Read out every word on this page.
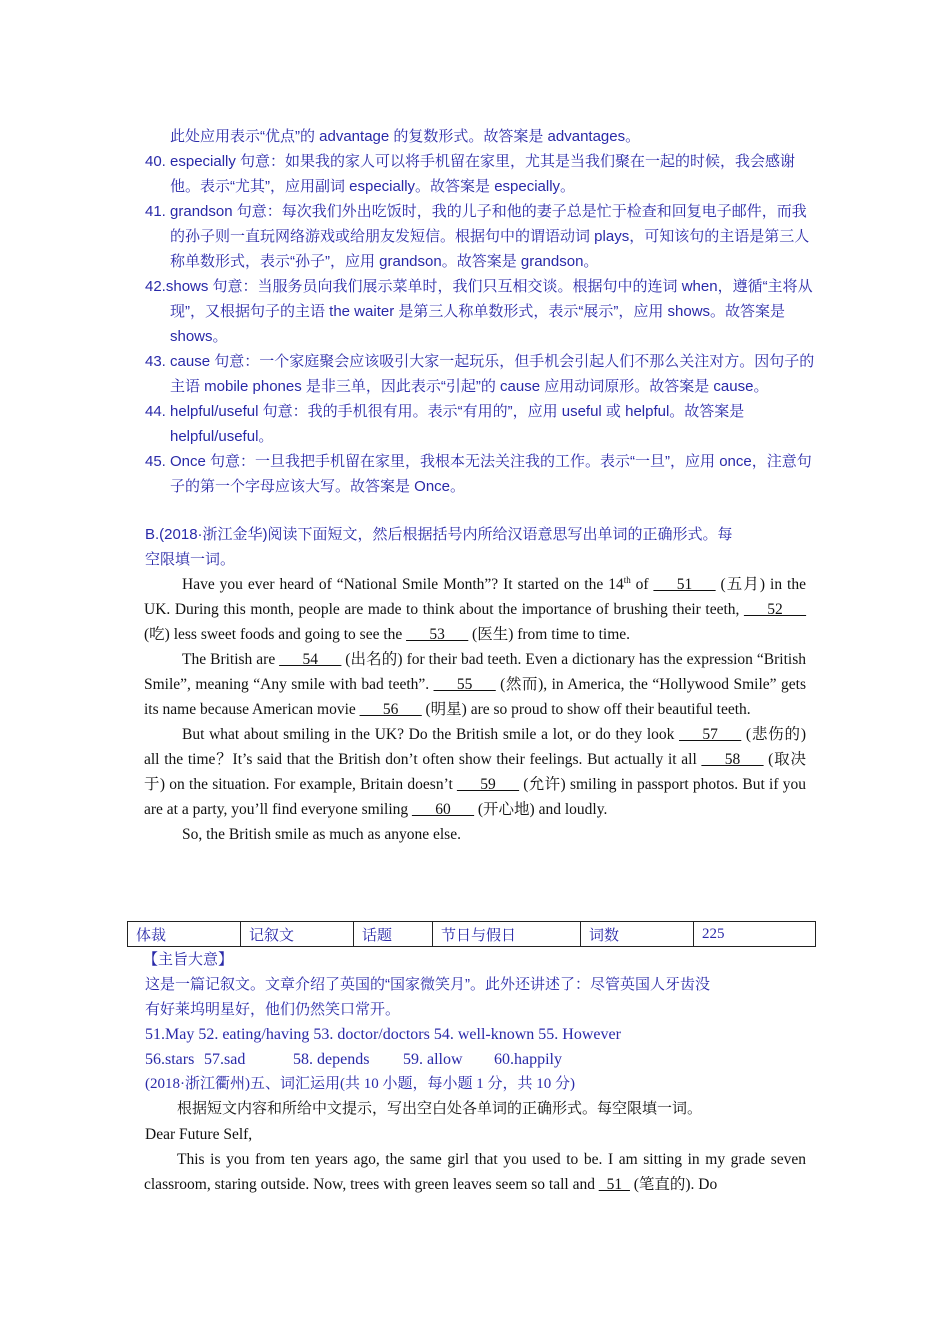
此处应用表示“优点”的 advantage 的复数形式。故答案是 advantages。

40. especially 句意：如果我的家人可以将手机留在家里，尤其是当我们聚在一起的时候，我会感谢他。表示“尤其”，应用副词 especially。故答案是 especially。

41. grandson 句意：每次我们外出吃饭时，我的儿子和他的妻子总是忙于检查和回复电子邮件，而我的孙子则一直玩网络游戏或给朋友发短信。根据句中的谓语动词 plays，可知该句的主语是第三人称单数形式，表示“孙子”，应用 grandson。故答案是 grandson。

42.shows 句意：当服务员向我们展示菜单时，我们只互相交谈。根据句中的连词 when，遵循“主将从现”，又根据句子的主语 the waiter 是第三人称单数形式，表示“展示”，应用 shows。故答案是 shows。

43. cause 句意：一个家庭聚会应该吸引大家一起玩乐，但手机会引起人们不那么关注对方。因句子的主语 mobile phones 是非三单，因此表示“引起”的 cause 应用动词原形。故答案是 cause。

44. helpful/useful 句意：我的手机很有用。表示“有用的”，应用 useful 或 helpful。故答案是 helpful/useful。

45. Once 句意：一旦我把手机留在家里，我根本无法关注我的工作。表示“一旦”，应用 once，注意句子的第一个字母应该大写。故答案是 Once。

B.(2018·浙江金华)阅读下面短文，然后根据括号内所给汉语意思写出单词的正确形式。每
空限填一词。

Have you ever heard of “National Smile Month”? It started on the 14th of ___51___ (五月) in the UK. During this month, people are made to think about the importance of brushing their teeth, ___52___ (吃) less sweet foods and going to see the ___53___ (医生) from time to time.

The British are ___54___ (出名的) for their bad teeth. Even a dictionary has the expression “British Smile”, meaning “Any smile with bad teeth”. ___55___ (然而), in America, the “Hollywood Smile” gets its name because American movie ___56___ (明星) are so proud to show off their beautiful teeth.

But what about smiling in the UK? Do the British smile a lot, or do they look ___57___ (悲伤的) all the time？It’s said that the British don’t often show their feelings. But actually it all ___58___ (取决于) on the situation. For example, Britain doesn’t ___59___ (允许) smiling in passport photos. But if you are at a party, you’ll find everyone smiling ___60___ (开心地) and loudly.

So, the British smile as much as anyone else.

体裁	记叙文	话题	节日与假日	词数	225
【主旨大意】
这是一篇记叙文。文章介绍了英国的“国家微笑月”。此外还讲述了：尽管英国人牙齿没
有好莱坞明星好，他们仍然笑口常开。
51.May 52. eating/having 53. doctor/doctors 54. well-known 55. However
56.stars 57.sad	58. depends 59. allow 60.happily
(2018·浙江衢州)五、词汇运用(共 10 小题，每小题 1 分，共 10 分)
根据短文内容和所给中文提示，写出空白处各单词的正确形式。每空限填一词。
Dear Future Self,

This is you from ten years ago, the same girl that you used to be. I am sitting in my grade seven classroom, staring outside. Now, trees with green leaves seem so tall and _51_ (笔直的). Do
